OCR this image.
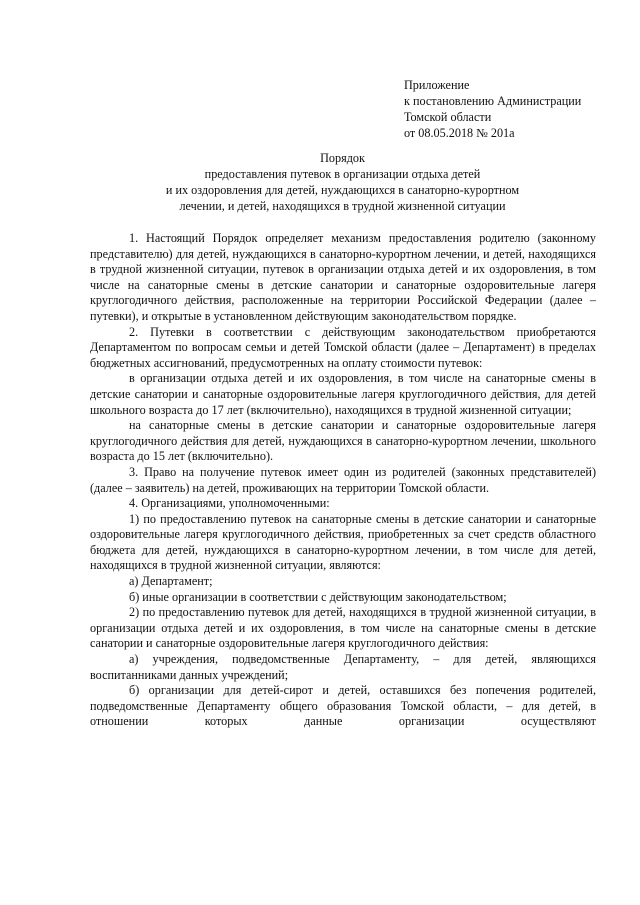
Приложение
к постановлению Администрации
Томской области
от 08.05.2018 № 201а
Порядок
предоставления путевок в организации отдыха детей
и их оздоровления для детей, нуждающихся в санаторно-курортном
лечении, и детей, находящихся в трудной жизненной ситуации

1. Настоящий Порядок определяет механизм предоставления родителю (законному представителю) для детей, нуждающихся в санаторно-курортном лечении, и детей, находящихся в трудной жизненной ситуации, путевок в организации отдыха детей и их оздоровления, в том числе на санаторные смены в детские санатории и санаторные оздоровительные лагеря круглогодичного действия, расположенные на территории Российской Федерации (далее – путевки), и открытые в установленном действующим законодательством порядке.

2. Путевки в соответствии с действующим законодательством приобретаются Департаментом по вопросам семьи и детей Томской области (далее – Департамент) в пределах бюджетных ассигнований, предусмотренных на оплату стоимости путевок:

в организации отдыха детей и их оздоровления, в том числе на санаторные смены в детские санатории и санаторные оздоровительные лагеря круглогодичного действия, для детей школьного возраста до 17 лет (включительно), находящихся в трудной жизненной ситуации;

на санаторные смены в детские санатории и санаторные оздоровительные лагеря круглогодичного действия для детей, нуждающихся в санаторно-курортном лечении, школьного возраста до 15 лет (включительно).

3. Право на получение путевок имеет один из родителей (законных представителей) (далее – заявитель) на детей, проживающих на территории Томской области.

4. Организациями, уполномоченными:

1) по предоставлению путевок на санаторные смены в детские санатории и санаторные оздоровительные лагеря круглогодичного действия, приобретенных за счет средств областного бюджета для детей, нуждающихся в санаторно-курортном лечении, в том числе для детей, находящихся в трудной жизненной ситуации, являются:

а) Департамент;

б) иные организации в соответствии с действующим законодательством;

2) по предоставлению путевок для детей, находящихся в трудной жизненной ситуации, в организации отдыха детей и их оздоровления, в том числе на санаторные смены в детские санатории и санаторные оздоровительные лагеря круглогодичного действия:

а) учреждения, подведомственные Департаменту, – для детей, являющихся воспитанниками данных учреждений;

б) организации для детей-сирот и детей, оставшихся без попечения родителей, подведомственные Департаменту общего образования Томской области, – для детей, в отношении которых данные организации осуществляют
